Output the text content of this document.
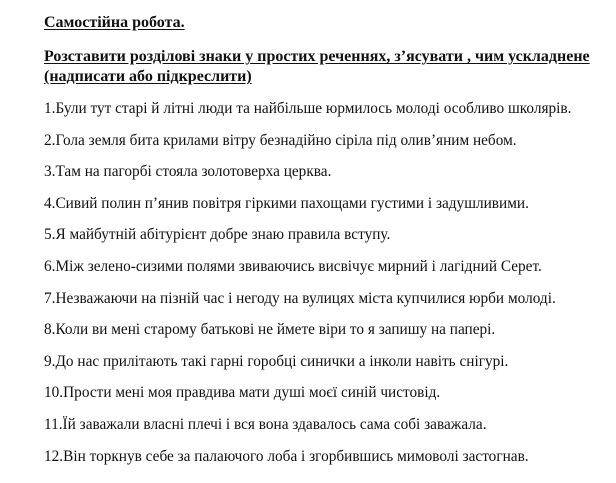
Самостійна робота.
Розставити розділові знаки у простих реченнях, з’ясувати , чим ускладнене
(надписати або підкреслити)
1.Були тут старі й літні люди та найбільше юрмилось молоді особливо школярів.
2.Гола земля бита крилами вітру безнадійно сіріла під олив’яним небом.
3.Там на пагорбі стояла золотоверха церква.
4.Сивий полин п’янив повітря гіркими пахощами густими і задушливими.
5.Я майбутній абітурієнт добре знаю правила вступу.
6.Між зелено-сизими полями звиваючись висвічує мирний і лагідний Серет.
7.Незважаючи на пізній час і негоду на вулицях міста купчилися юрби молоді.
8.Коли ви мені старому батькові не ймете віри то я запишу на папері.
9.До нас прилітають такі гарні горобці синички а інколи навіть снігурі.
10.Прости мені моя правдива мати душі моєї синій чистовід.
11.Їй заважали власні плечі і вся вона здавалось сама собі заважала.
12.Він торкнув себе за палаючого лоба і згорбившись мимоволі застогнав.
